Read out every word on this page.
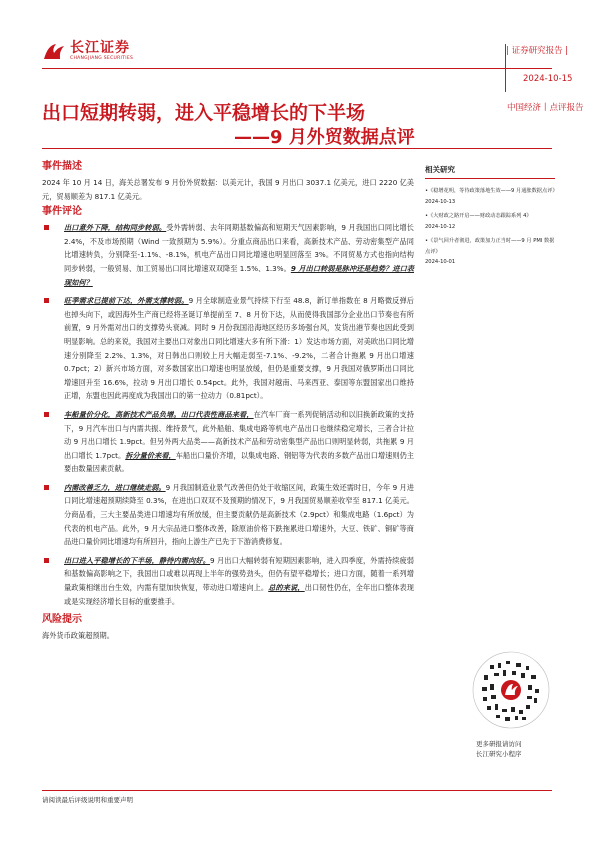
长江证券
CHANGJIANG SECURITIES
| 证券研究报告 |
2024-10-15
中国经济丨点评报告
出口短期转弱，进入平稳增长的下半场
——9 月外贸数据点评
事件描述
2024 年 10 月 14 日，海关总署发布 9 月份外贸数据：以美元计，我国 9 月出口 3037.1 亿美元，进口 2220 亿美元，贸易顺差为 817.1 亿美元。
事件评论
出口意外下降，结构同步转弱。受外需转弱、去年同期基数偏高和短期天气因素影响，9 月我国出口同比增长 2.4%，不及市场预期（Wind 一致预期为 5.9%）。分重点商品出口来看，高新技术产品、劳动密集型产品同比增速转负，分别降至-1.1%、-8.1%，机电产品出口同比增速也明显回落至 3%。不同贸易方式也指向结构同步转弱，一般贸易、加工贸易出口同比增速双双降至 1.5%、1.3%。9 月出口转弱是脉冲还是趋势？进口表现如何？
旺季需求已提前下达，外需支撑转弱。9 月全球制造业景气持续下行至 48.8，新订单指数在 8 月略微反弹后也掉头向下，或因海外生产商已经将圣诞订单提前至 7、8 月份下达，从而使得我国部分企业出口节奏也有所前置，9 月外需对出口的支撑势头衰减。同时 9 月份我国沿海地区经历多场强台风，发货出港节奏也因此受到明显影响。总的来说，我国对主要出口对象出口同比增速大多有所下滑：1）发达市场方面，对美欧出口同比增速分别降至 2.2%、1.3%，对日韩出口则较上月大幅走弱至-7.1%、-9.2%，二者合计拖累 9 月出口增速 0.7pct；2）新兴市场方面，对多数国家出口增速也明显放缓，但仍是重要支撑，9 月我国对俄罗斯出口同比增速回升至 16.6%，拉动 9 月出口增长 0.54pct。此外，我国对越南、马来西亚、泰国等东盟国家出口维持正增，东盟也因此再度成为我国出口的第一拉动力（0.81pct）。
车船量价分化，高新技术产品负增。出口代表性商品来看，在汽车厂商一系列促销活动和以旧换新政策的支持下，9 月汽车出口与内需共振、维持景气，此外船舶、集成电路等机电产品出口也继续稳定增长，三者合计拉动 9 月出口增长 1.9pct。但另外两大品类——高新技术产品和劳动密集型产品出口则明显转弱，共拖累 9 月出口增长 1.7pct。拆分量价来看，车船出口量价齐增，以集成电路、钢铝等为代表的多数产品出口增速则仍主要由数量因素贡献。
内需改善乏力，进口继续走弱。9 月我国制造业景气改善但仍处于收缩区间，政策生效还需时日，今年 9 月进口同比增速超预期续降至 0.3%，在进出口双双不及预期的情况下，9 月我国贸易顺差收窄至 817.1 亿美元。分商品看，三大主要品类进口增速均有所放缓，但主要贡献仍是高新技术（2.9pct）和集成电路（1.6pct）为代表的机电产品。此外，9 月大宗品进口整体改善，除原油价格下跌拖累进口增速外，大豆、铁矿、铜矿等商品进口量价同比增速均有所回升，指向上游生产已先于下游消费修复。
出口进入平稳增长的下半场，静待内需向好。9 月出口大幅转弱有短期因素影响，进入四季度，外需持续疲弱和基数偏高影响之下，我国出口或难以再现上半年的强势劲头，但仍有望平稳增长；进口方面，随着一系列增量政策相继出台生效，内需有望加快恢复，带动进口增速向上。总的来说，出口韧性仍在，全年出口整体表现或是实现经济增长目标的重要推手。
风险提示
海外货币政策超预期。
相关研究
•《稳增花明，等待政策落地生效——9 月通胀数据点评》
2024-10-13
•《大财政之路开启——财政动态跟踪系列 4》
2024-10-12
•《景气回升者彻进，政策加力正当时——9 月 PMI 数据点评》
2024-10-01
更多研报请访问
长江研究小程序
请阅读最后评级说明和重要声明
